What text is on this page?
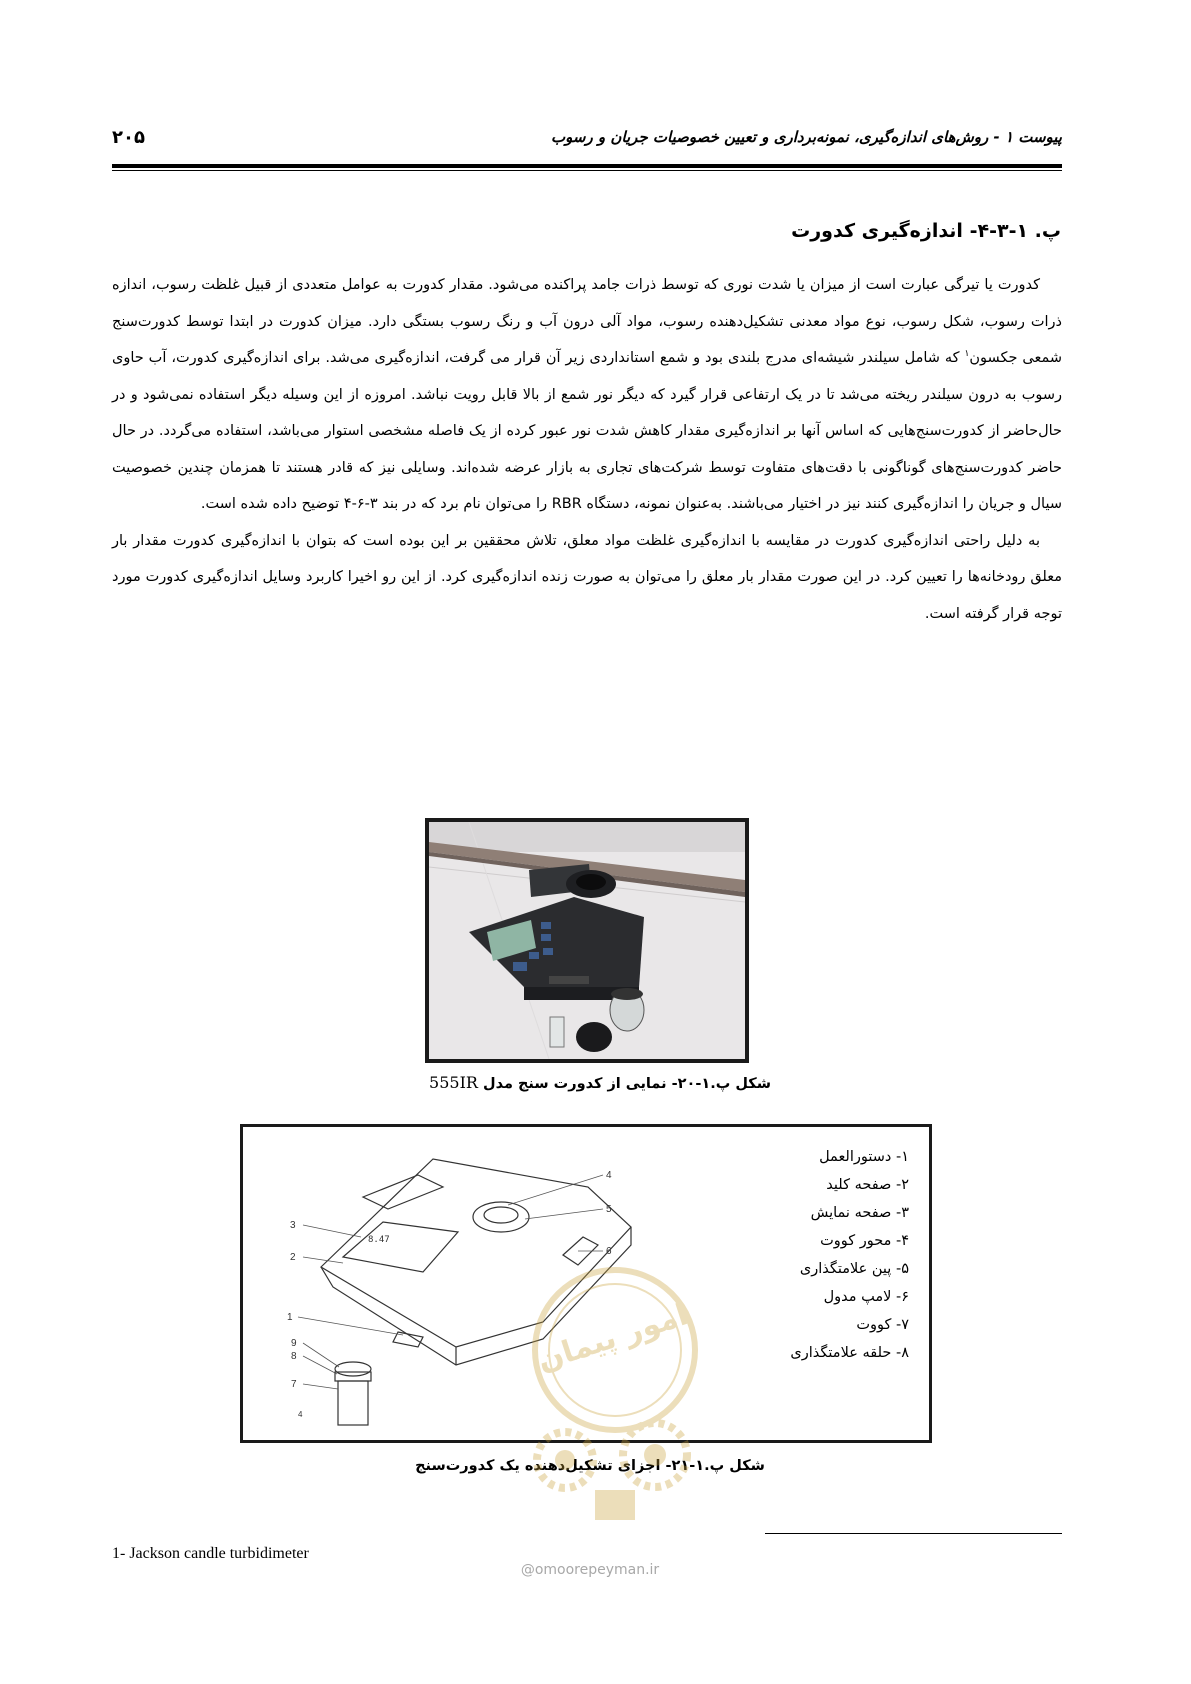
۲۰۵	پیوست ۱ - روش‌های اندازه‌گیری، نمونه‌برداری و تعیین خصوصیات جریان و رسوب
پ. ۱-۳-۴- اندازه‌گیری کدورت

کدورت یا تیرگی عبارت است از میزان یا شدت نوری که توسط ذرات جامد پراکنده می‌شود. مقدار کدورت به عوامل متعددی از قبیل غلظت رسوب، اندازه ذرات رسوب، شکل رسوب، نوع مواد معدنی تشکیل‌دهنده رسوب، مواد آلی درون آب و رنگ رسوب بستگی دارد. میزان کدورت در ابتدا توسط کدورت‌سنج شمعی جکسون$^۱$ که شامل سیلندر شیشه‌ای مدرج بلندی بود و شمع استانداردی زیر آن قرار می گرفت، اندازه‌گیری می‌شد. برای اندازه‌گیری کدورت، آب حاوی رسوب به درون سیلندر ریخته می‌شد تا در یک ارتفاعی قرار گیرد که دیگر نور شمع از بالا قابل رویت نباشد. امروزه از این وسیله دیگر استفاده نمی‌شود و در حال‌حاضر از کدورت‌سنج‌هایی که اساس آنها بر اندازه‌گیری مقدار کاهش شدت نور عبور کرده از یک فاصله مشخصی استوار می‌باشد، استفاده می‌گردد. در حال حاضر کدورت‌سنج‌های گوناگونی با دقت‌های متفاوت توسط شرکت‌های تجاری به بازار عرضه شده‌اند. وسایلی نیز که قادر هستند تا همزمان چندین خصوصیت سیال و جریان را اندازه‌گیری کنند نیز در اختیار می‌باشند. به‌عنوان نمونه، دستگاه RBR را می‌توان نام برد که در بند ۳-۶-۴ توضیح داده شده است.

به دلیل راحتی اندازه‌گیری کدورت در مقایسه با اندازه‌گیری غلظت مواد معلق، تلاش محققین بر این بوده است که بتوان با اندازه‌گیری کدورت مقدار بار معلق رودخانه‌ها را تعیین کرد. در این صورت مقدار بار معلق را می‌توان به صورت زنده اندازه‌گیری کرد. از این رو اخیرا کاربرد وسایل اندازه‌گیری کدورت مورد توجه قرار گرفته است.

شکل پ.۱-۲۰- نمایی از کدورت سنج مدل 555IR
8.47
3
2
1
4
5
6
9
8
7
4
۱- دستورالعمل
۲- صفحه کلید
۳- صفحه نمایش
۴- محور کووت
۵- پین علامتگذاری
۶- لامپ مدول
۷- کووت
۸- حلقه علامتگذاری
شکل پ.۱-۲۱- اجزای تشکیل‌دهنده یک کدورت‌سنج
امور پیمان
@omoorepeyman.ir
1- Jackson candle turbidimeter
